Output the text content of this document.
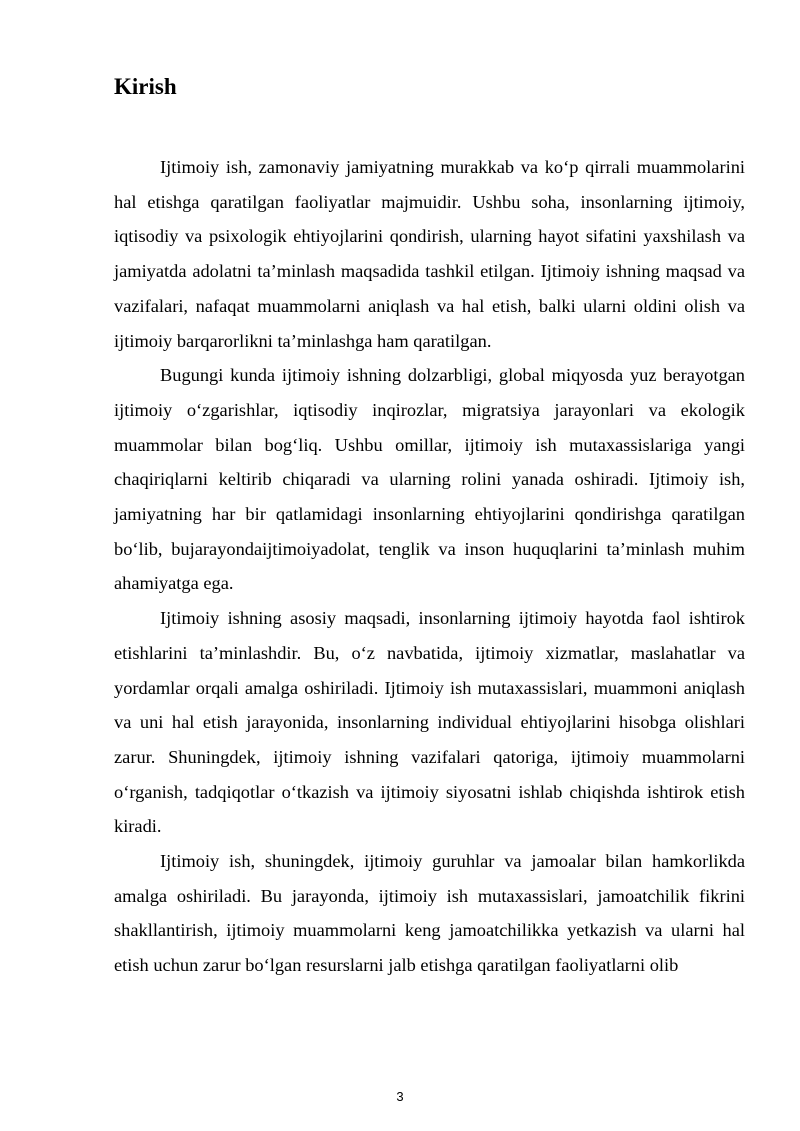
Kirish

Ijtimoiy ish, zamonaviy jamiyatning murakkab va ko‘p qirrali muammolarini hal etishga qaratilgan faoliyatlar majmuidir. Ushbu soha, insonlarning ijtimoiy, iqtisodiy va psixologik ehtiyojlarini qondirish, ularning hayot sifatini yaxshilash va jamiyatda adolatni ta’minlash maqsadida tashkil etilgan. Ijtimoiy ishning maqsad va vazifalari, nafaqat muammolarni aniqlash va hal etish, balki ularni oldini olish va ijtimoiy barqarorlikni ta’minlashga ham qaratilgan.

Bugungi kunda ijtimoiy ishning dolzarbligi, global miqyosda yuz berayotgan ijtimoiy o‘zgarishlar, iqtisodiy inqirozlar, migratsiya jarayonlari va ekologik muammolar bilan bog‘liq. Ushbu omillar, ijtimoiy ish mutaxassislariga yangi chaqiriqlarni keltirib chiqaradi va ularning rolini yanada oshiradi. Ijtimoiy ish, jamiyatning har bir qatlamidagi insonlarning ehtiyojlarini qondirishga qaratilgan bo‘lib, bujarayondaijtimoiyadolat, tenglik va inson huquqlarini ta’minlash muhim ahamiyatga ega.

Ijtimoiy ishning asosiy maqsadi, insonlarning ijtimoiy hayotda faol ishtirok etishlarini ta’minlashdir. Bu, o‘z navbatida, ijtimoiy xizmatlar, maslahatlar va yordamlar orqali amalga oshiriladi. Ijtimoiy ish mutaxassislari, muammoni aniqlash va uni hal etish jarayonida, insonlarning individual ehtiyojlarini hisobga olishlari zarur. Shuningdek, ijtimoiy ishning vazifalari qatoriga, ijtimoiy muammolarni o‘rganish, tadqiqotlar o‘tkazish va ijtimoiy siyosatni ishlab chiqishda ishtirok etish kiradi.

Ijtimoiy ish, shuningdek, ijtimoiy guruhlar va jamoalar bilan hamkorlikda amalga oshiriladi. Bu jarayonda, ijtimoiy ish mutaxassislari, jamoatchilik fikrini shakllantirish, ijtimoiy muammolarni keng jamoatchilikka yetkazish va ularni hal etish uchun zarur bo‘lgan resurslarni jalb etishga qaratilgan faoliyatlarni olib

3
